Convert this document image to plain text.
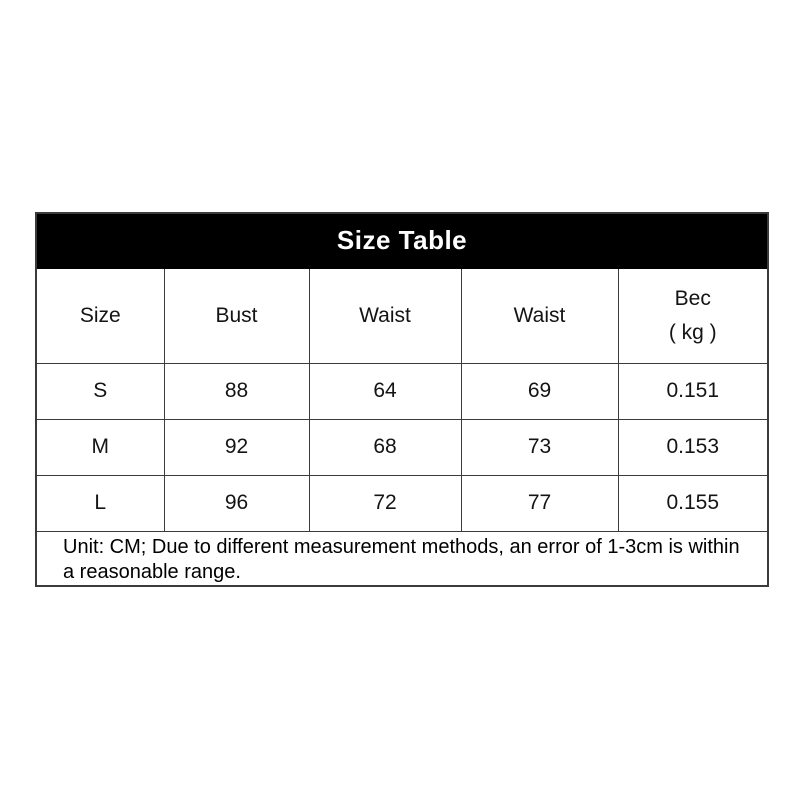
Size Table				
Size	Bust	Waist	Waist	Bec
( kg )

S	88	64	69	0.151
M	92	68	73	0.153
L	96	72	77	0.155
Unit: CM; Due to different measurement methods, an error of 1-3cm is within a reasonable range.				
